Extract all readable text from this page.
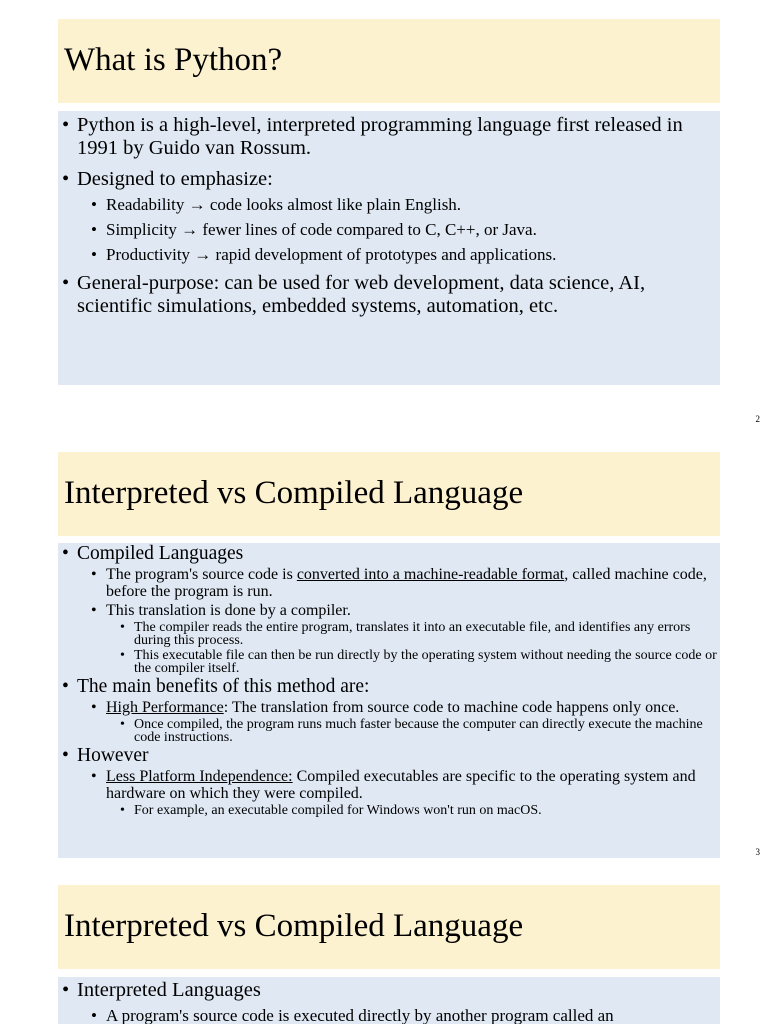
What is Python?
• Python is a high-level, interpreted programming language first released in 1991 by Guido van Rossum.
• Designed to emphasize:
• Readability → code looks almost like plain English.
• Simplicity → fewer lines of code compared to C, C++, or Java.
• Productivity → rapid development of prototypes and applications.
• General-purpose: can be used for web development, data science, AI, scientific simulations, embedded systems, automation, etc.
2
Interpreted vs Compiled Language
• Compiled Languages
• The program's source code is converted into a machine-readable format, called machine code, before the program is run.
• This translation is done by a compiler.
• The compiler reads the entire program, translates it into an executable file, and identifies any errors during this process.
• This executable file can then be run directly by the operating system without needing the source code or the compiler itself.
• The main benefits of this method are:
• High Performance: The translation from source code to machine code happens only once.
• Once compiled, the program runs much faster because the computer can directly execute the machine code instructions.
• However
• Less Platform Independence: Compiled executables are specific to the operating system and hardware on which they were compiled.
• For example, an executable compiled for Windows won't run on macOS.
3
Interpreted vs Compiled Language
• Interpreted Languages
• A program's source code is executed directly by another program called an
